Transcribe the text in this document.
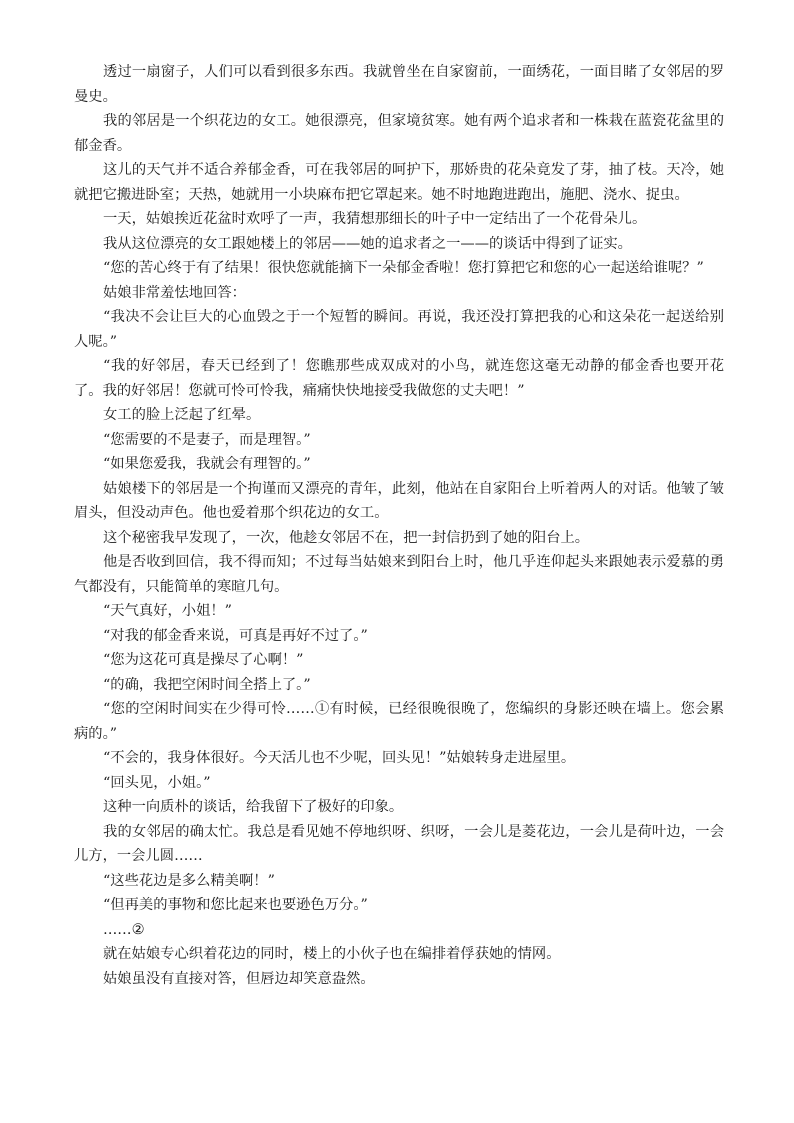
透过一扇窗子，人们可以看到很多东西。我就曾坐在自家窗前，一面绣花，一面目睹了女邻居的罗曼史。

我的邻居是一个织花边的女工。她很漂亮，但家境贫寒。她有两个追求者和一株栽在蓝瓷花盆里的郁金香。

这儿的天气并不适合养郁金香，可在我邻居的呵护下，那娇贵的花朵竟发了芽，抽了枝。天冷，她就把它搬进卧室；天热，她就用一小块麻布把它罩起来。她不时地跑进跑出，施肥、浇水、捉虫。

一天，姑娘挨近花盆时欢呼了一声，我猜想那细长的叶子中一定结出了一个花骨朵儿。

我从这位漂亮的女工跟她楼上的邻居——她的追求者之一——的谈话中得到了证实。

“您的苦心终于有了结果！很快您就能摘下一朵郁金香啦！您打算把它和您的心一起送给谁呢？”

姑娘非常羞怯地回答：

“我决不会让巨大的心血毁之于一个短暂的瞬间。再说，我还没打算把我的心和这朵花一起送给别人呢。”

“我的好邻居，春天已经到了！您瞧那些成双成对的小鸟，就连您这毫无动静的郁金香也要开花了。我的好邻居！您就可怜可怜我，痛痛快快地接受我做您的丈夫吧！”

女工的脸上泛起了红晕。

“您需要的不是妻子，而是理智。”

“如果您爱我，我就会有理智的。”

姑娘楼下的邻居是一个拘谨而又漂亮的青年，此刻，他站在自家阳台上听着两人的对话。他皱了皱眉头，但没动声色。他也爱着那个织花边的女工。

这个秘密我早发现了，一次，他趁女邻居不在，把一封信扔到了她的阳台上。

他是否收到回信，我不得而知；不过每当姑娘来到阳台上时，他几乎连仰起头来跟她表示爱慕的勇气都没有，只能简单的寒暄几句。

“天气真好，小姐！”

“对我的郁金香来说，可真是再好不过了。”

“您为这花可真是操尽了心啊！”

“的确，我把空闲时间全搭上了。”

“您的空闲时间实在少得可怜……①有时候，已经很晚很晚了，您编织的身影还映在墙上。您会累病的。”

“不会的，我身体很好。今天活儿也不少呢，回头见！”姑娘转身走进屋里。

“回头见，小姐。”

这种一向质朴的谈话，给我留下了极好的印象。

我的女邻居的确太忙。我总是看见她不停地织呀、织呀，一会儿是菱花边，一会儿是荷叶边，一会儿方，一会儿圆……

“这些花边是多么精美啊！”

“但再美的事物和您比起来也要逊色万分。”

……②

就在姑娘专心织着花边的同时，楼上的小伙子也在编排着俘获她的情网。

姑娘虽没有直接对答，但唇边却笑意盎然。
